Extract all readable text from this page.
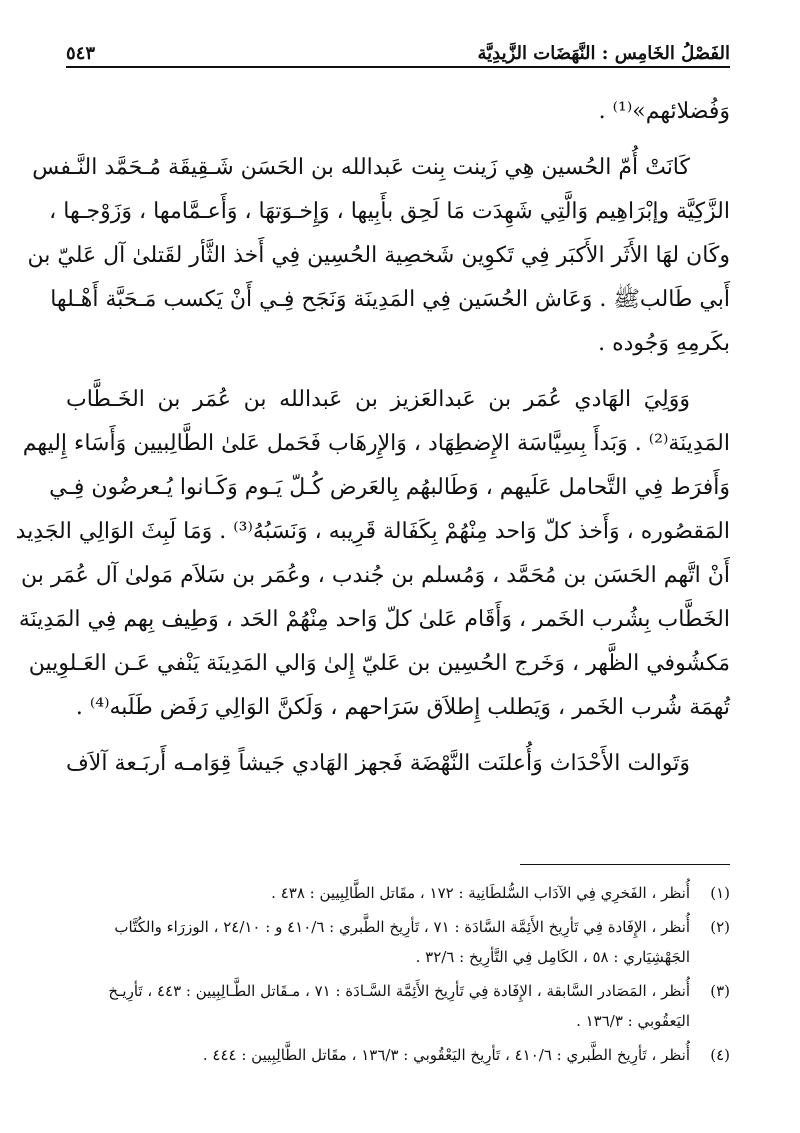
الفَصْلُ الخَامِس : النَّهَضَات الزَّيدِيَّة
٥٤٣

وَفُضلائهم»⁽¹⁾ .

كَانَتْ أُمّ الحُسين هِي زَينت بِنت عَبدالله بن الحَسَن شَـقِيقَة مُـحَمَّد النَّـفس
الزَّكِيَّة وإبْرَاهِيم وَالَّتِي شَهِدَت مَا لَحِق بأَبِيها ، وَإِخـوَتهَا ، وَأَعـمَّامها ، وَزَوْجـها ،
وكَان لهَا الأَثَر الأَكبَر فِي تَكوِين شَخصِية الحُسِين فِي أَخذ الثَّأر لقَتلىٰ آل عَليّ بن
أَبي طَالبﷺ . وَعَاش الحُسَين فِي المَدِينَة وَنَجَح فِـي أَنْ يَكسب مَـحَبَّة أَهْـلها
بكَرمِهِ وَجُوده .

وَوَلِيَ الهَادي عُمَر بن عَبدالعَزيز بن عَبدالله بن عُمَر بن الخَـطَّاب
المَدِينَة⁽²⁾ . وَبَدأَ بِسِيَّاسَة الإِضطِهَاد ، وَالإِرهَاب فَحَمل عَلىٰ الطَّالِبيين وَأَسَاء إِليهم
وَأَفرَط فِي التَّحامل عَلَيهم ، وَطَالبهُم بِالعَرض كُـلّ يَـوم وَكَـانوا يُـعرضُون فِـي
المَقصُوره ، وَأَخذ كلّ وَاحد مِنْهُمْ بِكَفَالة قَرِيبه ، وَنَسَبُهُ⁽³⁾ . وَمَا لَبِثَ الوَالِي الجَدِيد
أَنْ اتَّهم الحَسَن بن مُحَمَّد ، وَمُسلم بن جُندب ، وعُمَر بن سَلاَم مَولىٰ آل عُمَر بن
الخَطَّاب بِشُرب الخَمر ، وَأَقَام عَلىٰ كلّ وَاحد مِنْهُمْ الحَد ، وَطِيف بِهم فِي المَدِينَة
مَكشُوفي الظَّهر ، وَخَرج الحُسِين بن عَليّ إِلىٰ وَالي المَدِينَة يَنْفي عَـن العَـلوِيين
تُهمَة شُرب الخَمر ، وَيَطلب إِطلاَق سَرَاحهم ، وَلَكنَّ الوَالِي رَفَض طَلَبه⁽⁴⁾ .

وَتَوالت الأَحْدَاث وَأُعلنَت النَّهْضَة فَجهز الهَادي جَيشاً قِوَامـه أَربَـعة آلاَف

(١)
أُنظر ، الفَخرِي فِي الآدَاب السُّلطَانِية : ١٧٢ ، مقَاتل الطَّالِبِيين : ٤٣٨ .
(٢)
أُنظر ، الإِفَادة فِي تَأرِيخ الأَئِمَّة السَّادَة : ٧١ ، تَأرِيخ الطَّبري : ٤١٠/٦ و : ٢٤/١٠ ، الوزرَاء والكُتَّاب
الجَهْشِيَاري : ٥٨ ، الكَامِل فِي التَّأرِيخ : ٣٢/٦ .
(٣)
أُنظر ، المَصَادر السَّابقة ، الإِفَادة فِي تَأرِيخ الأَئِمَّة السَّـادَة : ٧١ ، مـقَاتل الطَّـالِبِيين : ٤٤٣ ، تَأرِيـخ
اليَعقُوبي : ١٣٦/٣ .
(٤)
أُنظر ، تَأرِيخ الطَّبري : ٤١٠/٦ ، تَأرِيخ اليَعْقُوبي : ١٣٦/٣ ، مقَاتل الطَّالِبِيين : ٤٤٤ .
